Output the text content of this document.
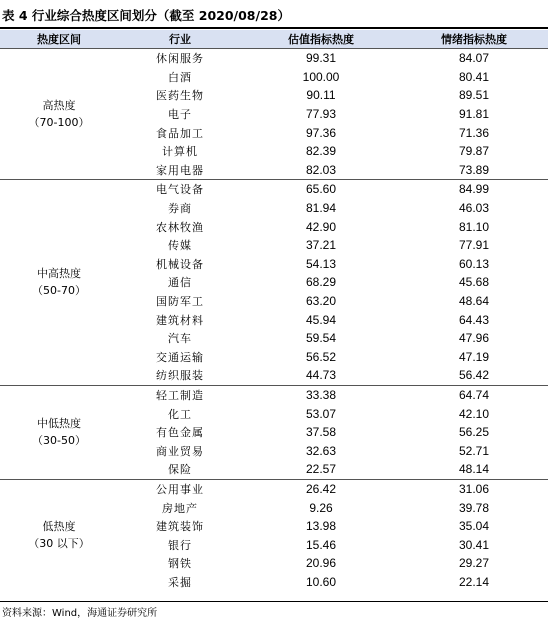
表 4 行业综合热度区间划分（截至 2020/08/28）
热度区间	行业	估值指标热度	情绪指标热度

高热度
（70-100）	休闲服务	99.31	84.07
	白酒	100.00	80.41
	医药生物	90.11	89.51
	电子	77.93	91.81
	食品加工	97.36	71.36
	计算机	82.39	79.87
	家用电器	82.03	73.89

中高热度
（50-70）	电气设备	65.60	84.99
	券商	81.94	46.03
	农林牧渔	42.90	81.10
	传媒	37.21	77.91
	机械设备	54.13	60.13
	通信	68.29	45.68
	国防军工	63.20	48.64
	建筑材料	45.94	64.43
	汽车	59.54	47.96
	交通运输	56.52	47.19
	纺织服装	44.73	56.42

中低热度
（30-50）	轻工制造	33.38	64.74
	化工	53.07	42.10
	有色金属	37.58	56.25
	商业贸易	32.63	52.71
	保险	22.57	48.14

低热度
（30 以下）	公用事业	26.42	31.06
	房地产	9.26	39.78
	建筑装饰	13.98	35.04
	银行	15.46	30.41
	钢铁	20.96	29.27
	采掘	10.60	22.14
资料来源：Wind，海通证券研究所
